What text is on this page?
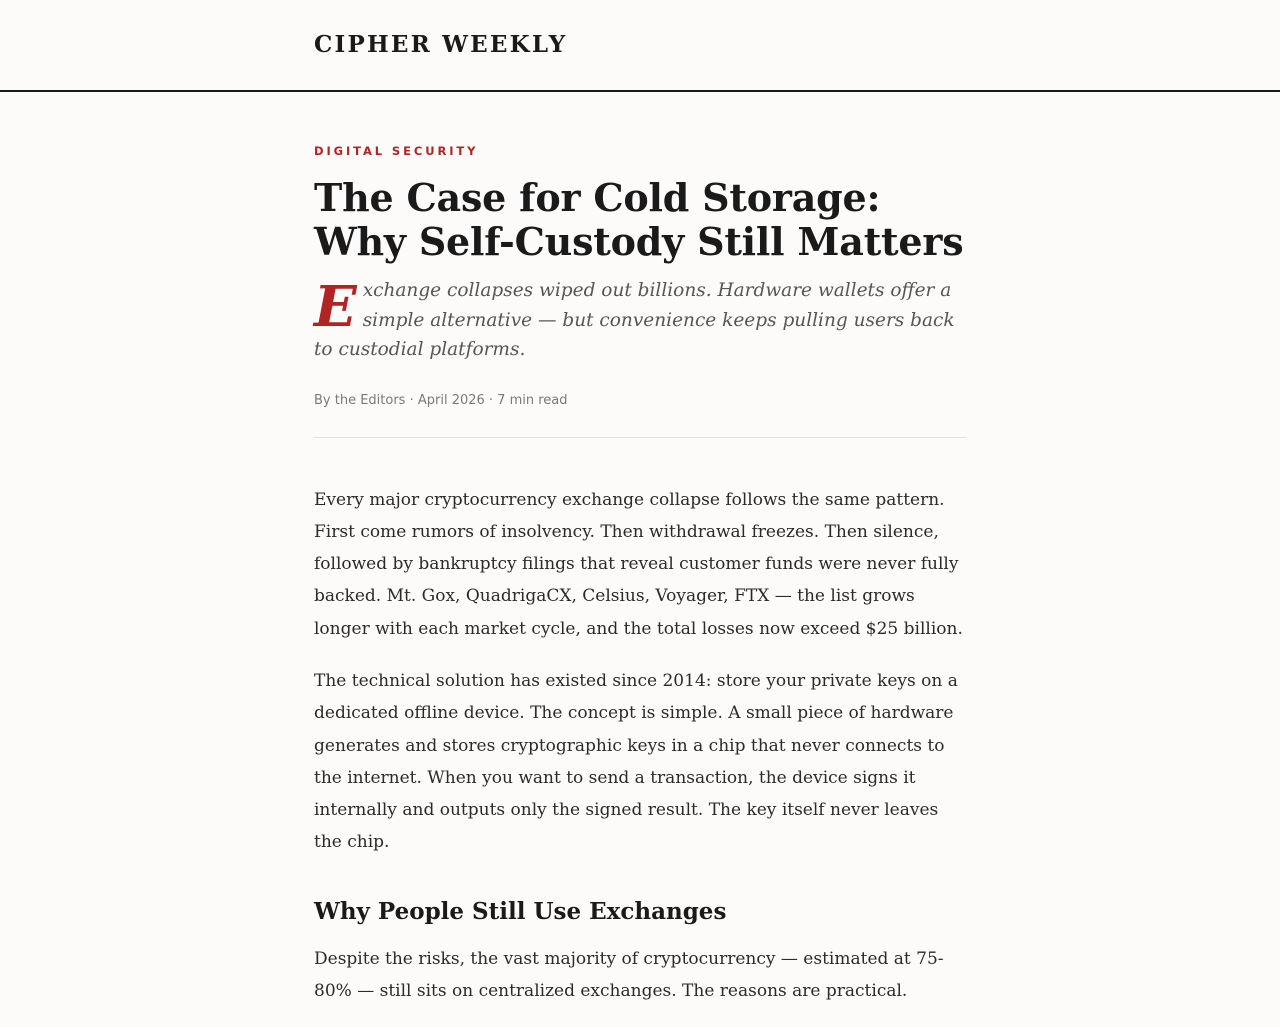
CIPHER WEEKLY
DIGITAL SECURITY
The Case for Cold Storage: Why Self-Custody Still Matters
Exchange collapses wiped out billions. Hardware wallets offer a simple alternative — but convenience keeps pulling users back to custodial platforms.
By the Editors · April 2026 · 7 min read

Every major cryptocurrency exchange collapse follows the same pattern. First come rumors of insolvency. Then withdrawal freezes. Then silence, followed by bankruptcy filings that reveal customer funds were never fully backed. Mt. Gox, QuadrigaCX, Celsius, Voyager, FTX — the list grows longer with each market cycle, and the total losses now exceed $25 billion.

The technical solution has existed since 2014: store your private keys on a dedicated offline device. The concept is simple. A small piece of hardware generates and stores cryptographic keys in a chip that never connects to the internet. When you want to send a transaction, the device signs it internally and outputs only the signed result. The key itself never leaves the chip.

Why People Still Use Exchanges

Despite the risks, the vast majority of cryptocurrency — estimated at 75-80% — still sits on centralized exchanges. The reasons are practical.
